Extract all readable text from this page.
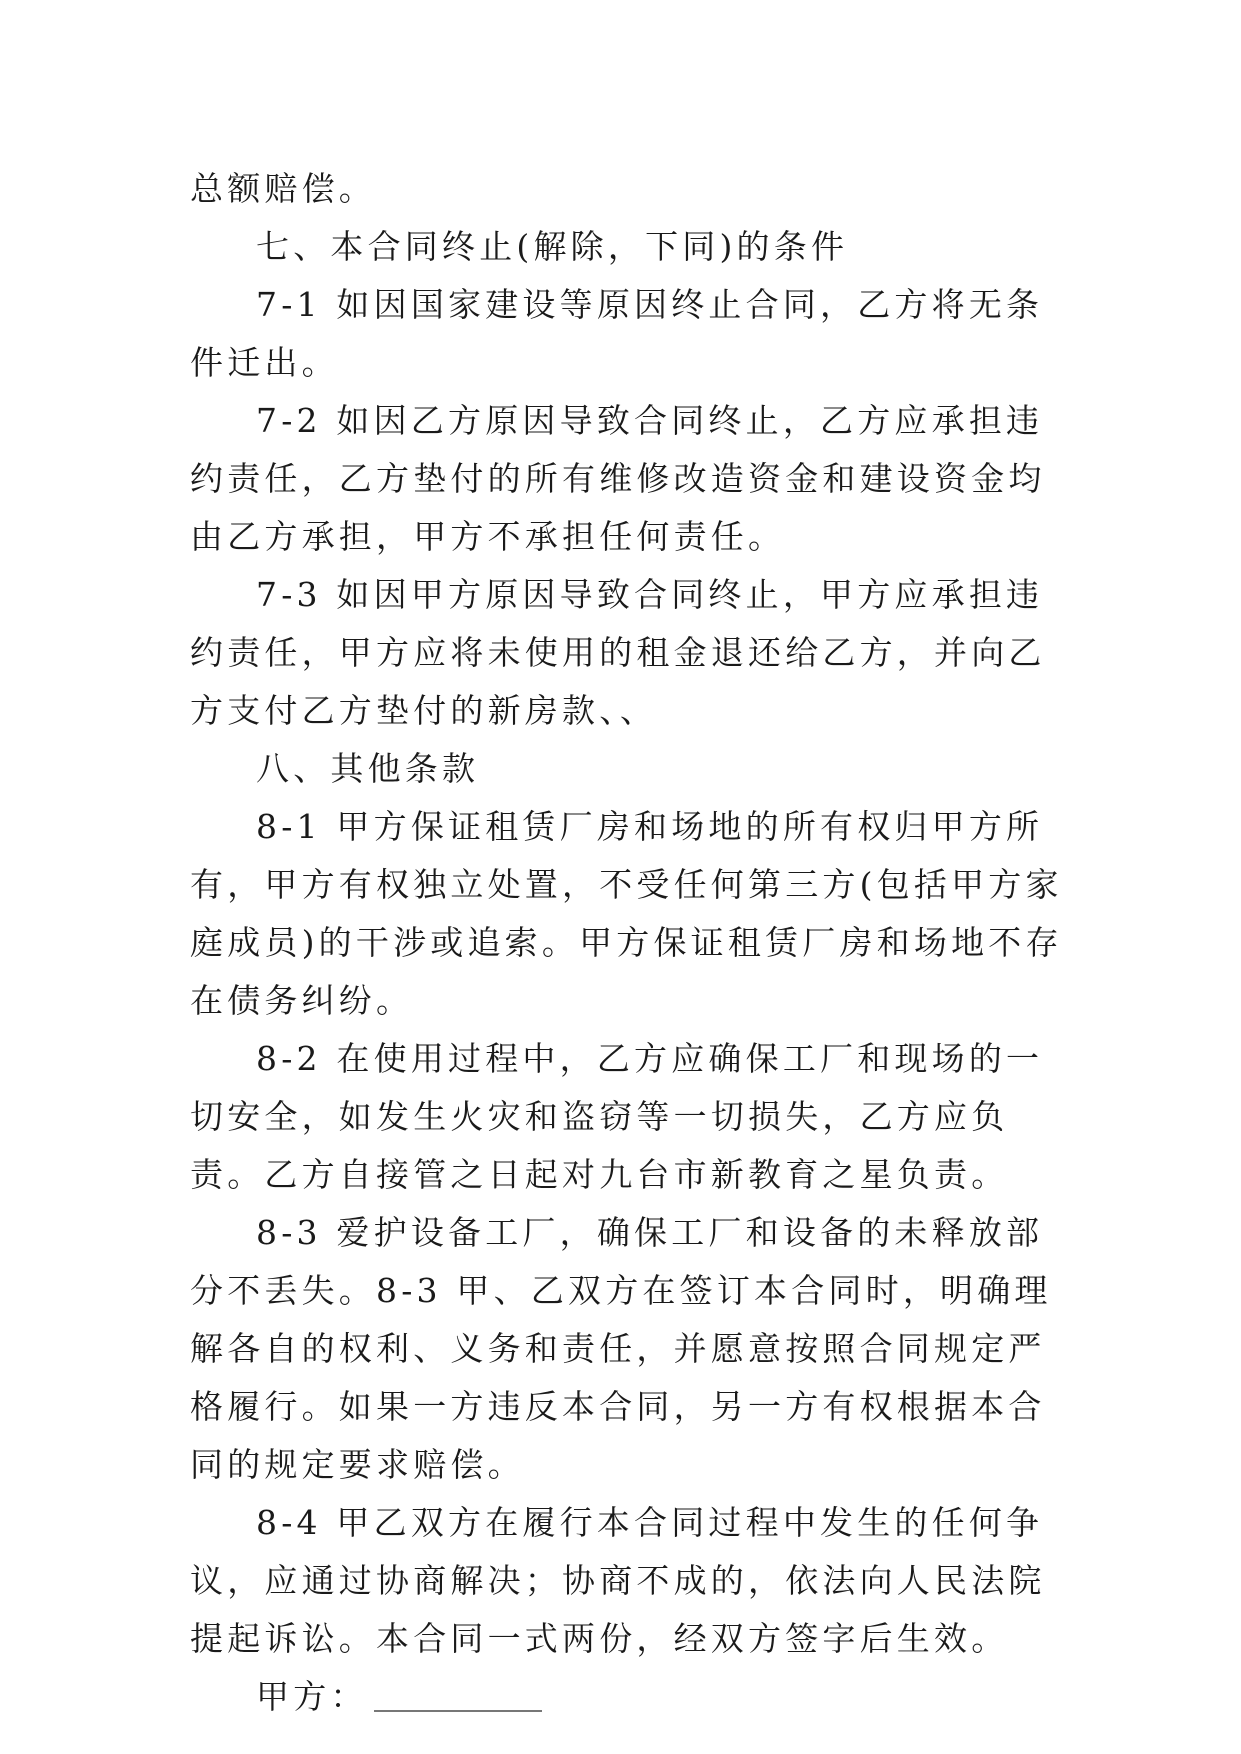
总额赔偿。

七、本合同终止(解除，下同)的条件

7-1 如因国家建设等原因终止合同，乙方将无条件迁出。

7-2 如因乙方原因导致合同终止，乙方应承担违约责任，乙方垫付的所有维修改造资金和建设资金均由乙方承担，甲方不承担任何责任。

7-3 如因甲方原因导致合同终止，甲方应承担违约责任，甲方应将未使用的租金退还给乙方，并向乙方支付乙方垫付的新房款、、

八、其他条款

8-1 甲方保证租赁厂房和场地的所有权归甲方所有，甲方有权独立处置，不受任何第三方(包括甲方家庭成员)的干涉或追索。甲方保证租赁厂房和场地不存在债务纠纷。

8-2 在使用过程中，乙方应确保工厂和现场的一切安全，如发生火灾和盗窃等一切损失，乙方应负责。乙方自接管之日起对九台市新教育之星负责。

8-3 爱护设备工厂，确保工厂和设备的未释放部分不丢失。8-3 甲、乙双方在签订本合同时，明确理解各自的权利、义务和责任，并愿意按照合同规定严格履行。如果一方违反本合同，另一方有权根据本合同的规定要求赔偿。

8-4 甲乙双方在履行本合同过程中发生的任何争议，应通过协商解决；协商不成的，依法向人民法院提起诉讼。本合同一式两份，经双方签字后生效。

甲方：
